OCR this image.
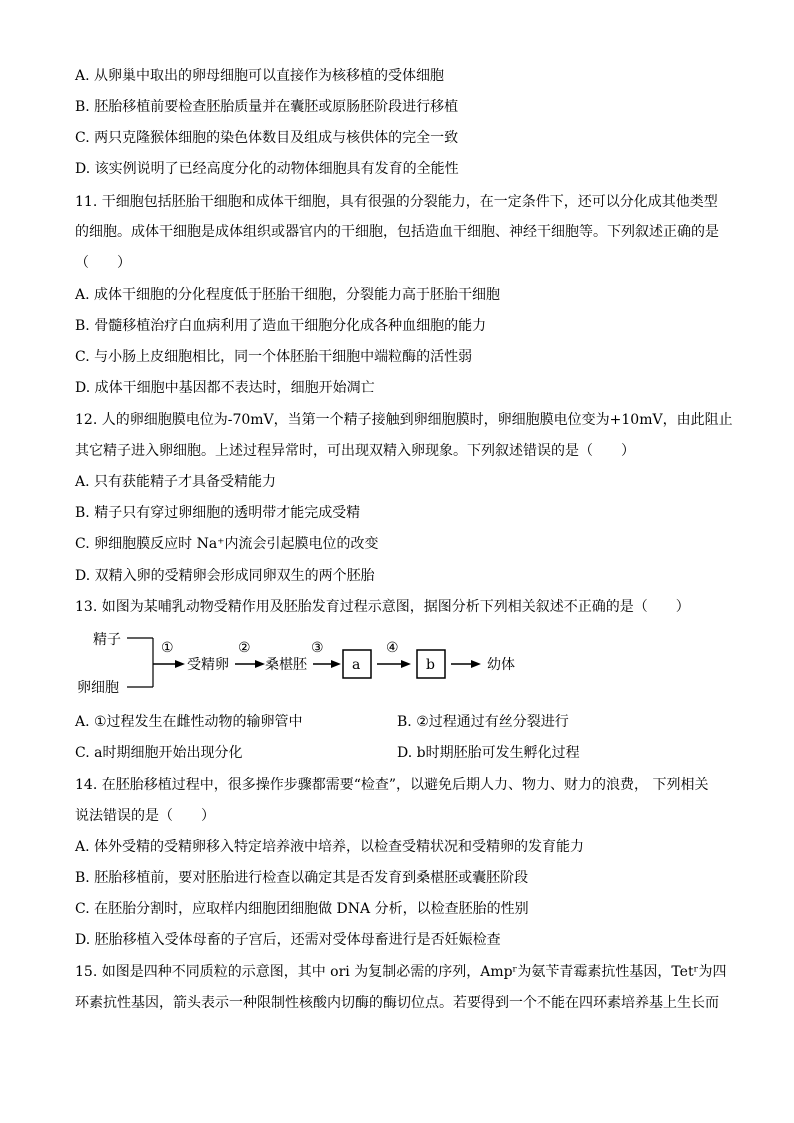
A. 从卵巢中取出的卵母细胞可以直接作为核移植的受体细胞
B. 胚胎移植前要检查胚胎质量并在囊胚或原肠胚阶段进行移植
C. 两只克隆猴体细胞的染色体数目及组成与核供体的完全一致
D. 该实例说明了已经高度分化的动物体细胞具有发育的全能性
11. 干细胞包括胚胎干细胞和成体干细胞，具有很强的分裂能力，在一定条件下，还可以分化成其他类型
的细胞。成体干细胞是成体组织或器官内的干细胞，包括造血干细胞、神经干细胞等。下列叙述正确的是
（　　）
A. 成体干细胞的分化程度低于胚胎干细胞，分裂能力高于胚胎干细胞
B. 骨髓移植治疗白血病利用了造血干细胞分化成各种血细胞的能力
C. 与小肠上皮细胞相比，同一个体胚胎干细胞中端粒酶的活性弱
D. 成体干细胞中基因都不表达时，细胞开始凋亡
12. 人的卵细胞膜电位为-70mV，当第一个精子接触到卵细胞膜时，卵细胞膜电位变为+10mV，由此阻止
其它精子进入卵细胞。上述过程异常时，可出现双精入卵现象。下列叙述错误的是（　　）
A. 只有获能精子才具备受精能力
B. 精子只有穿过卵细胞的透明带才能完成受精
C. 卵细胞膜反应时 Na⁺内流会引起膜电位的改变
D. 双精入卵的受精卵会形成同卵双生的两个胚胎
13. 如图为某哺乳动物受精作用及胚胎发育过程示意图，据图分析下列相关叙述不正确的是（　　）
精子
卵细胞
①
受精卵
②
桑椹胚
③
a
④
b	幼体
A. ①过程发生在雌性动物的输卵管中	B. ②过程通过有丝分裂进行
C. a时期细胞开始出现分化	D. b时期胚胎可发生孵化过程
14. 在胚胎移植过程中，很多操作步骤都需要“检查”，以避免后期人力、物力、财力的浪费， 下列相关
说法错误的是（　　）
A. 体外受精的受精卵移入特定培养液中培养，以检查受精状况和受精卵的发育能力
B. 胚胎移植前，要对胚胎进行检查以确定其是否发育到桑椹胚或囊胚阶段
C. 在胚胎分割时，应取样内细胞团细胞做 DNA 分析，以检查胚胎的性别
D. 胚胎移植入受体母畜的子宫后，还需对受体母畜进行是否妊娠检查
15. 如图是四种不同质粒的示意图，其中 ori 为复制必需的序列，Ampʳ为氨苄青霉素抗性基因，Tetʳ为四
环素抗性基因，箭头表示一种限制性核酸内切酶的酶切位点。若要得到一个不能在四环素培养基上生长而
